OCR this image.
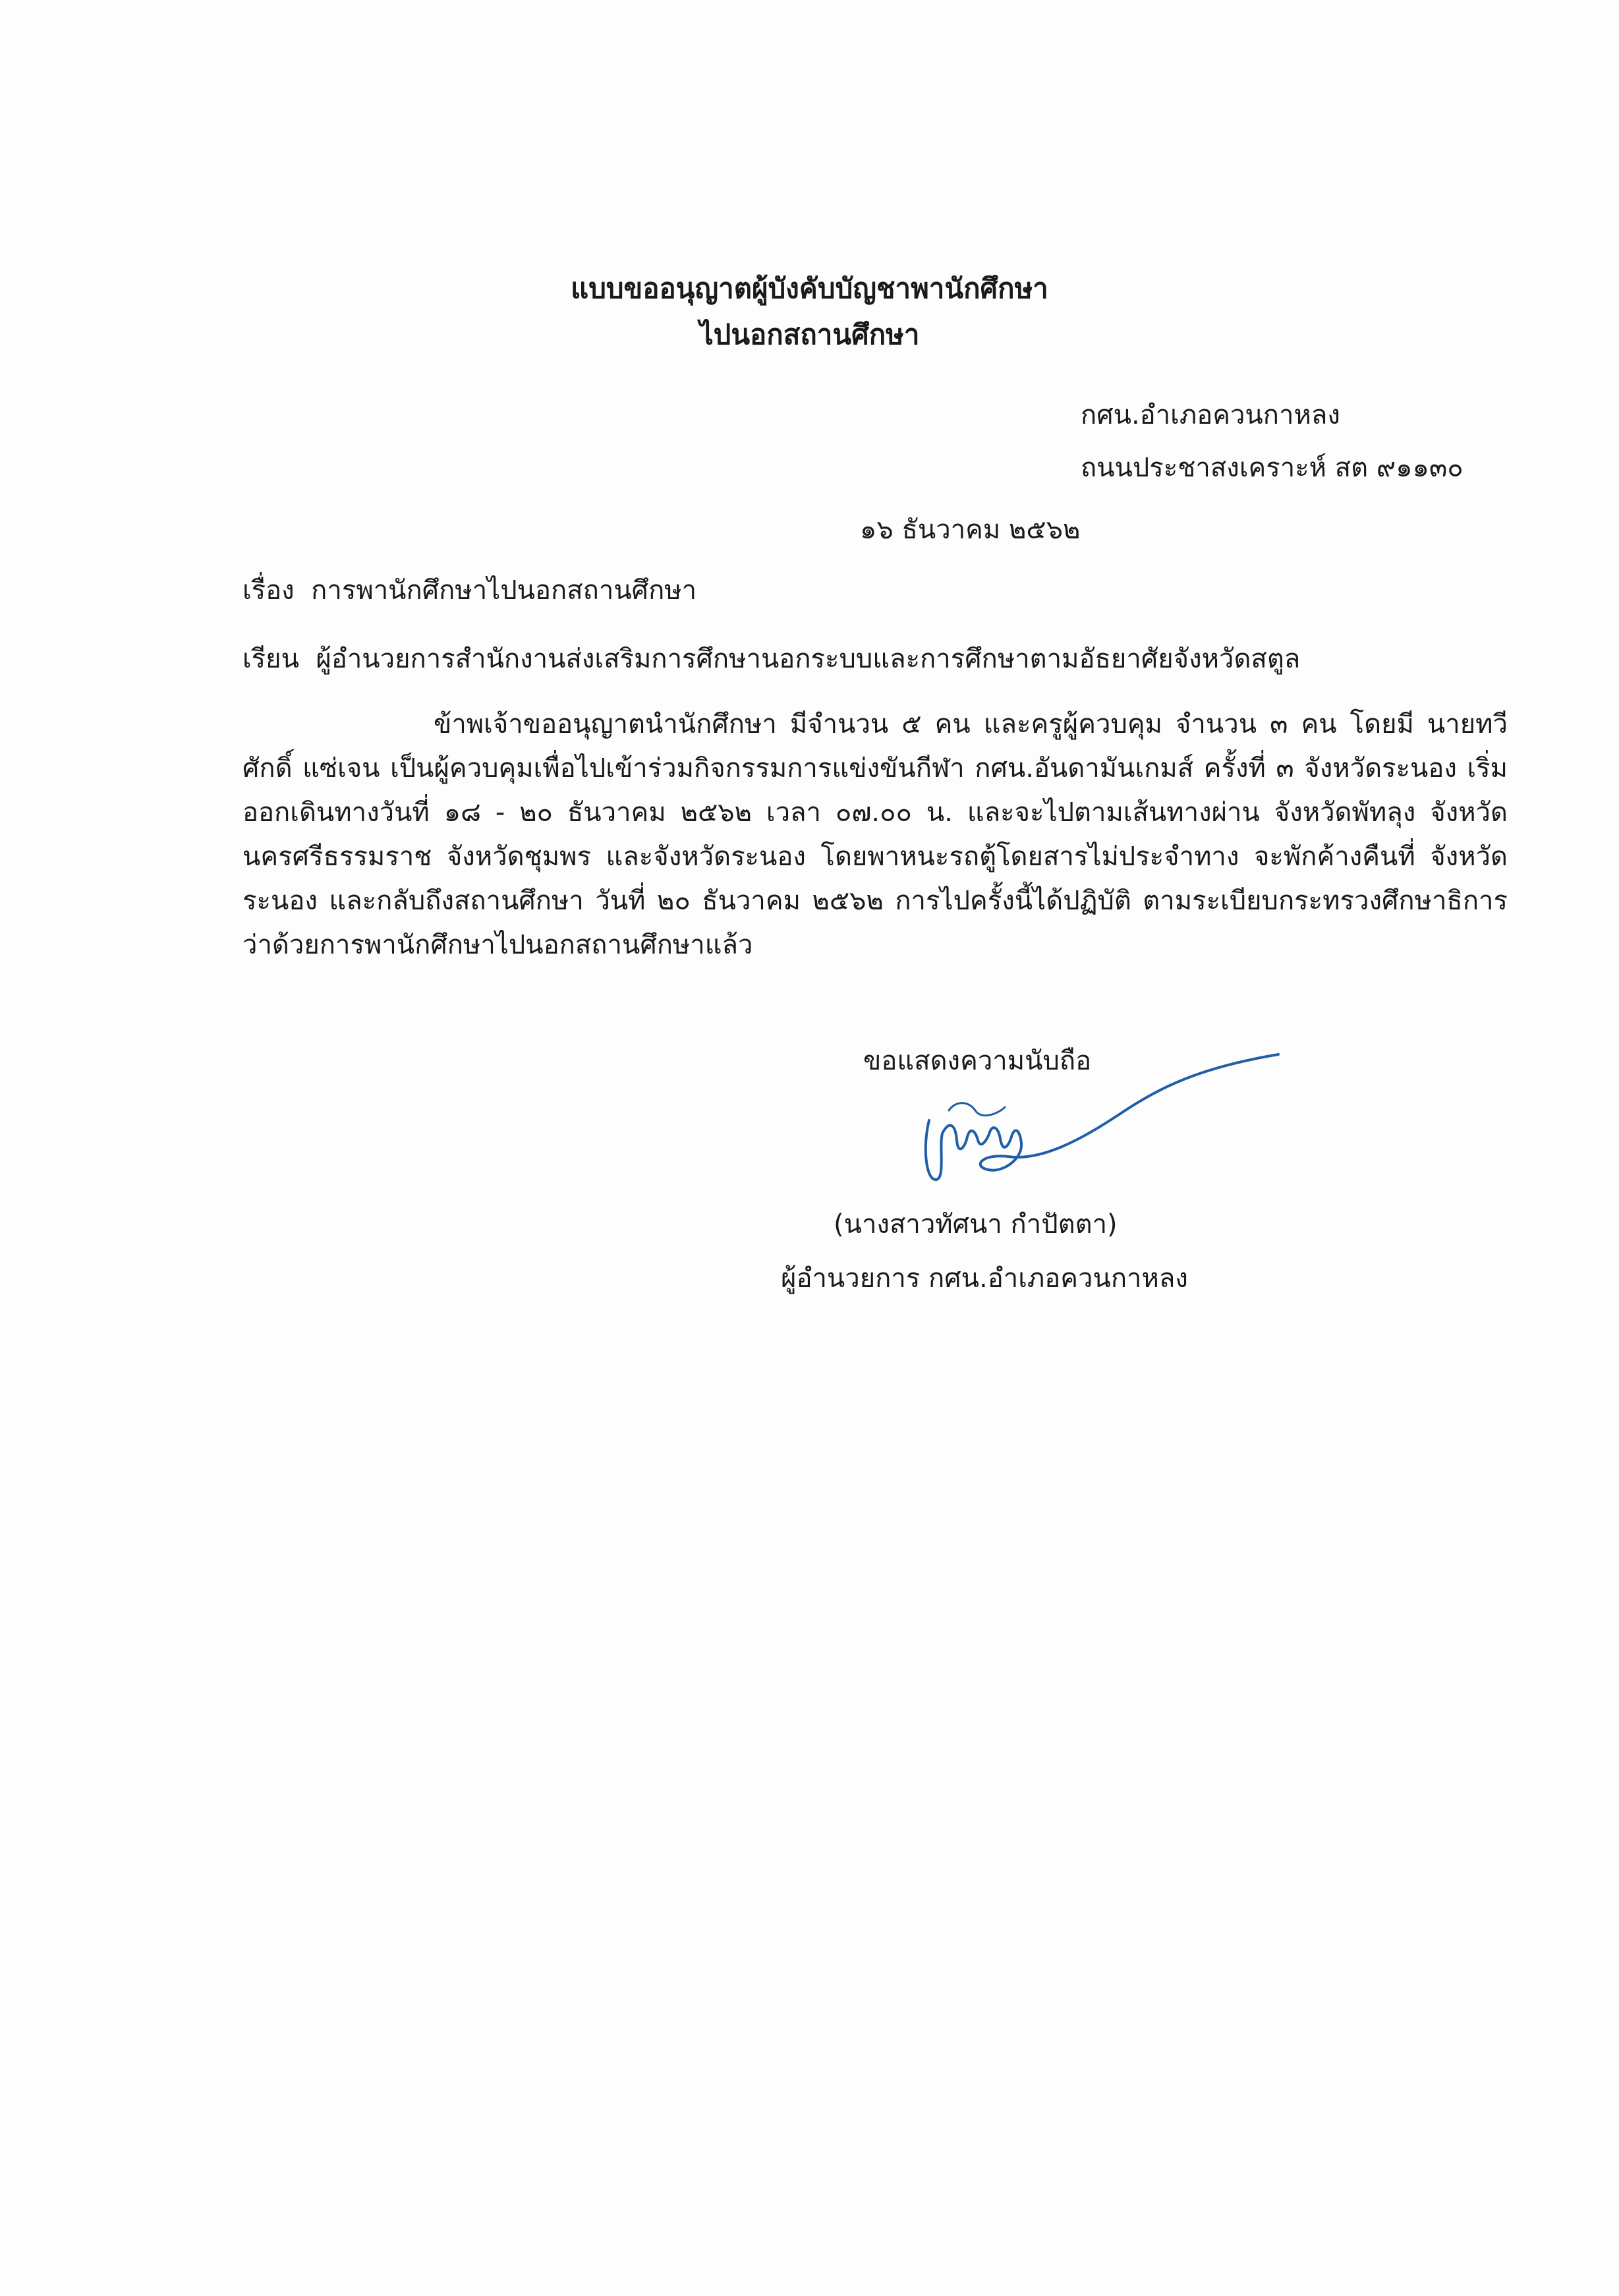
แบบขออนุญาตผู้บังคับบัญชาพานักศึกษา
ไปนอกสถานศึกษา
กศน.อำเภอควนกาหลง
ถนนประชาสงเคราะห์ สต ๙๑๑๓๐
๑๖ ธันวาคม ๒๕๖๒
เรื่อง การพานักศึกษาไปนอกสถานศึกษา
เรียน ผู้อำนวยการสำนักงานส่งเสริมการศึกษานอกระบบและการศึกษาตามอัธยาศัยจังหวัดสตูล
ข้าพเจ้าขออนุญาตนำนักศึกษา มีจำนวน ๕ คน และครูผู้ควบคุม จำนวน ๓ คน โดยมี นายทวีศักดิ์ แซ่เจน เป็นผู้ควบคุมเพื่อไปเข้าร่วมกิจกรรมการแข่งขันกีฬา กศน.อันดามันเกมส์ ครั้งที่ ๓ จังหวัดระนอง เริ่มออกเดินทางวันที่ ๑๘ - ๒๐ ธันวาคม ๒๕๖๒ เวลา ๐๗.๐๐ น. และจะไปตามเส้นทางผ่าน จังหวัดพัทลุง จังหวัดนครศรีธรรมราช จังหวัดชุมพร และจังหวัดระนอง โดยพาหนะรถตู้โดยสารไม่ประจำทาง จะพักค้างคืนที่ จังหวัดระนอง และกลับถึงสถานศึกษา วันที่ ๒๐ ธันวาคม ๒๕๖๒ การไปครั้งนี้ได้ปฏิบัติ ตามระเบียบกระทรวงศึกษาธิการว่าด้วยการพานักศึกษาไปนอกสถานศึกษาแล้ว
ขอแสดงความนับถือ
(นางสาวทัศนา กำปัตตา)
ผู้อำนวยการ กศน.อำเภอควนกาหลง
